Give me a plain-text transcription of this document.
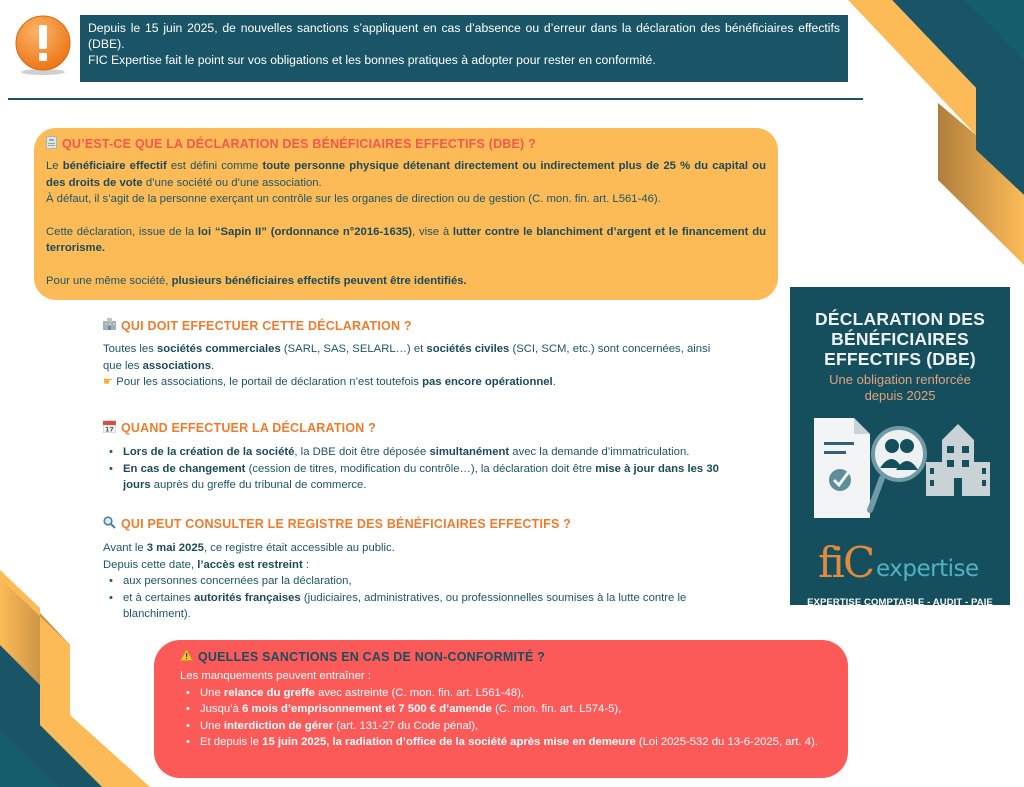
Depuis le 15 juin 2025, de nouvelles sanctions s’appliquent en cas d’absence ou d’erreur dans la déclaration des bénéficiaires effectifs (DBE).
FIC Expertise fait le point sur vos obligations et les bonnes pratiques à adopter pour rester en conformité.
QU’EST-CE QUE LA DÉCLARATION DES BÉNÉFICIAIRES EFFECTIFS (DBE) ?

Le bénéficiaire effectif est défini comme toute personne physique détenant directement ou indirectement plus de 25 % du capital ou des droits de vote d’une société ou d’une association.

À défaut, il s’agit de la personne exerçant un contrôle sur les organes de direction ou de gestion (C. mon. fin. art. L561-46).

Cette déclaration, issue de la loi “Sapin II” (ordonnance n°2016-1635), vise à lutter contre le blanchiment d’argent et le financement du terrorisme.

Pour une même société, plusieurs bénéficiaires effectifs peuvent être identifiés.

QUI DOIT EFFECTUER CETTE DÉCLARATION ?

Toutes les sociétés commerciales (SARL, SAS, SELARL…) et sociétés civiles (SCI, SCM, etc.) sont concernées, ainsi que les associations.

☛ Pour les associations, le portail de déclaration n’est toutefois pas encore opérationnel.

17 QUAND EFFECTUER LA DÉCLARATION ?
• Lors de la création de la société, la DBE doit être déposée simultanément avec la demande d’immatriculation.
• En cas de changement (cession de titres, modification du contrôle…), la déclaration doit être mise à jour dans les 30 jours auprès du greffe du tribunal de commerce.
QUI PEUT CONSULTER LE REGISTRE DES BÉNÉFICIAIRES EFFECTIFS ?

Avant le 3 mai 2025, ce registre était accessible au public.

Depuis cette date, l’accès est restreint :

• aux personnes concernées par la déclaration,
• et à certaines autorités françaises (judiciaires, administratives, ou professionnelles soumises à la lutte contre le blanchiment).
QUELLES SANCTIONS EN CAS DE NON-CONFORMITÉ ?

Les manquements peuvent entraîner :

• Une relance du greffe avec astreinte (C. mon. fin. art. L561-48),
• Jusqu’à 6 mois d’emprisonnement et 7 500 € d’amende (C. mon. fin. art. L574-5),
• Une interdiction de gérer (art. 131-27 du Code pénal),
• Et depuis le 15 juin 2025, la radiation d’office de la société après mise en demeure (Loi 2025-532 du 13-6-2025, art. 4).
DÉCLARATION DES
BÉNÉFICIAIRES
EFFECTIFS (DBE)
Une obligation renforcée
depuis 2025
fiC expertise
EXPERTISE COMPTABLE - AUDIT - PAIE
